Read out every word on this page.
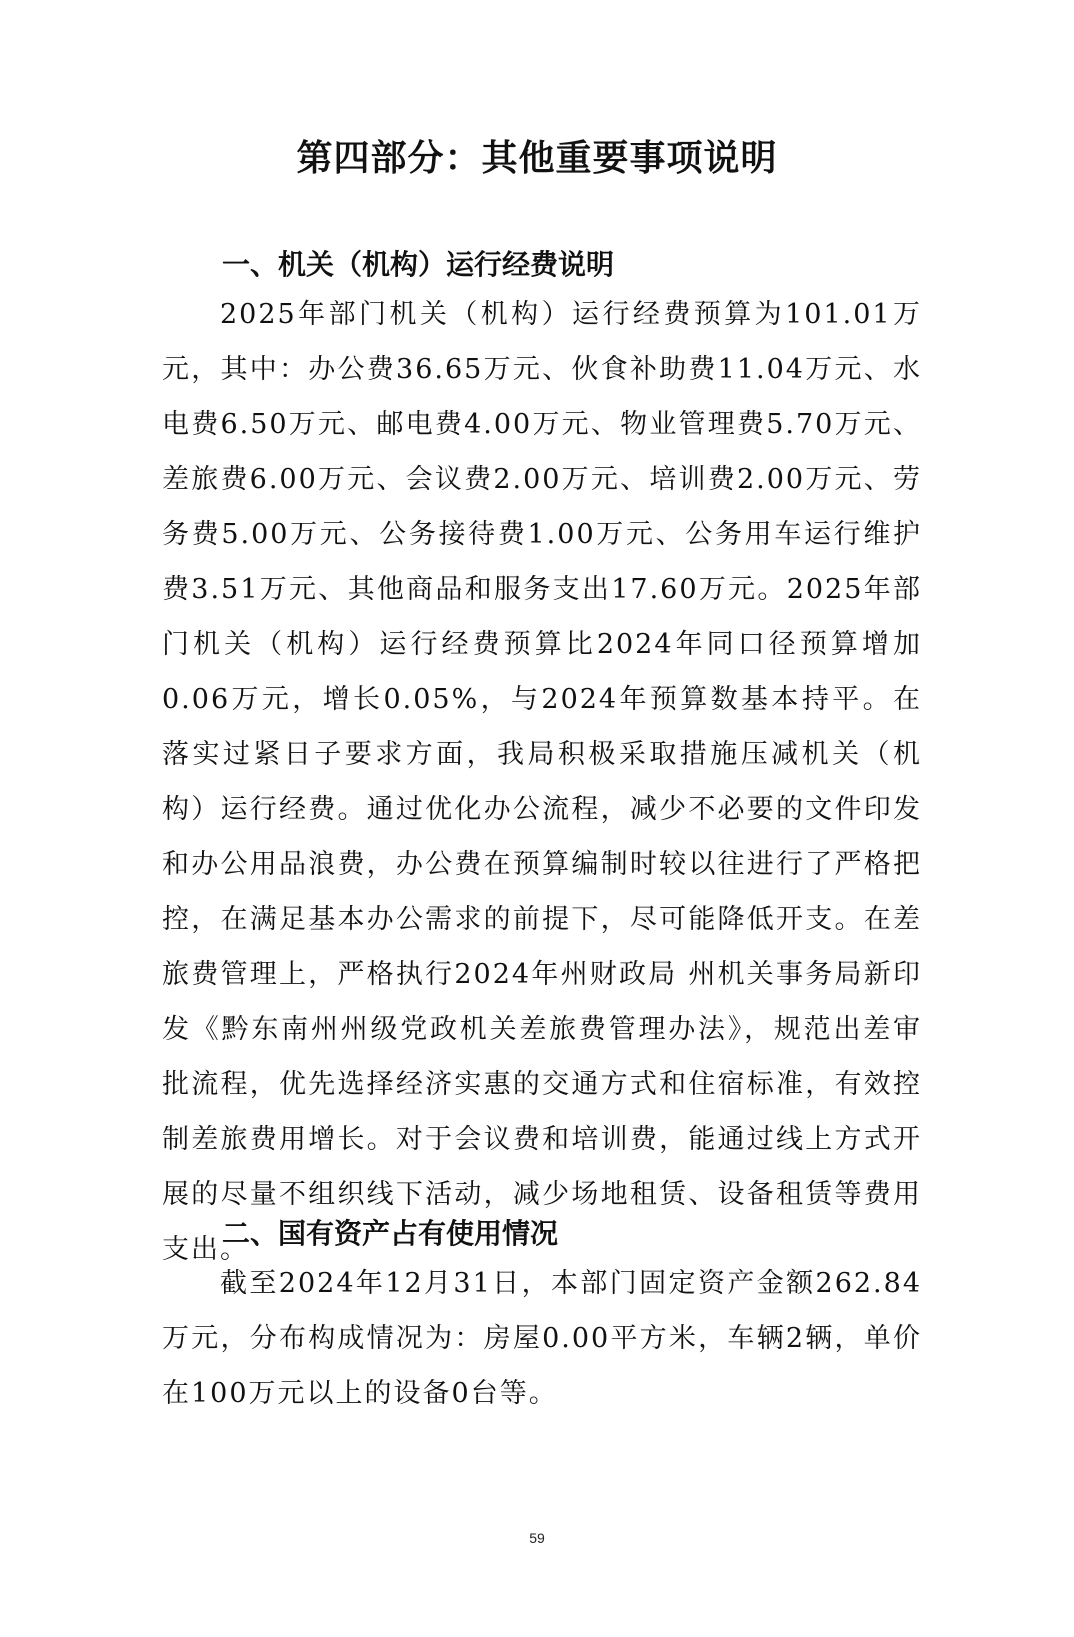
第四部分：其他重要事项说明
一、机关（机构）运行经费说明

2025年部门机关（机构）运行经费预算为101.01万元，其中：办公费36.65万元、伙食补助费11.04万元、水电费6.50万元、邮电费4.00万元、物业管理费5.70万元、差旅费6.00万元、会议费2.00万元、培训费2.00万元、劳务费5.00万元、公务接待费1.00万元、公务用车运行维护费3.51万元、其他商品和服务支出17.60万元。2025年部门机关（机构）运行经费预算比2024年同口径预算增加0.06万元，增长0.05%，与2024年预算数基本持平。在落实过紧日子要求方面，我局积极采取措施压减机关（机构）运行经费。通过优化办公流程，减少不必要的文件印发和办公用品浪费，办公费在预算编制时较以往进行了严格把控，在满足基本办公需求的前提下，尽可能降低开支。在差旅费管理上，严格执行2024年州财政局 州机关事务局新印发《黔东南州州级党政机关差旅费管理办法》，规范出差审批流程，优先选择经济实惠的交通方式和住宿标准，有效控制差旅费用增长。对于会议费和培训费，能通过线上方式开展的尽量不组织线下活动，减少场地租赁、设备租赁等费用支出。

二、国有资产占有使用情况

截至2024年12月31日，本部门固定资产金额262.84万元，分布构成情况为：房屋0.00平方米，车辆2辆，单价在100万元以上的设备0台等。

59
